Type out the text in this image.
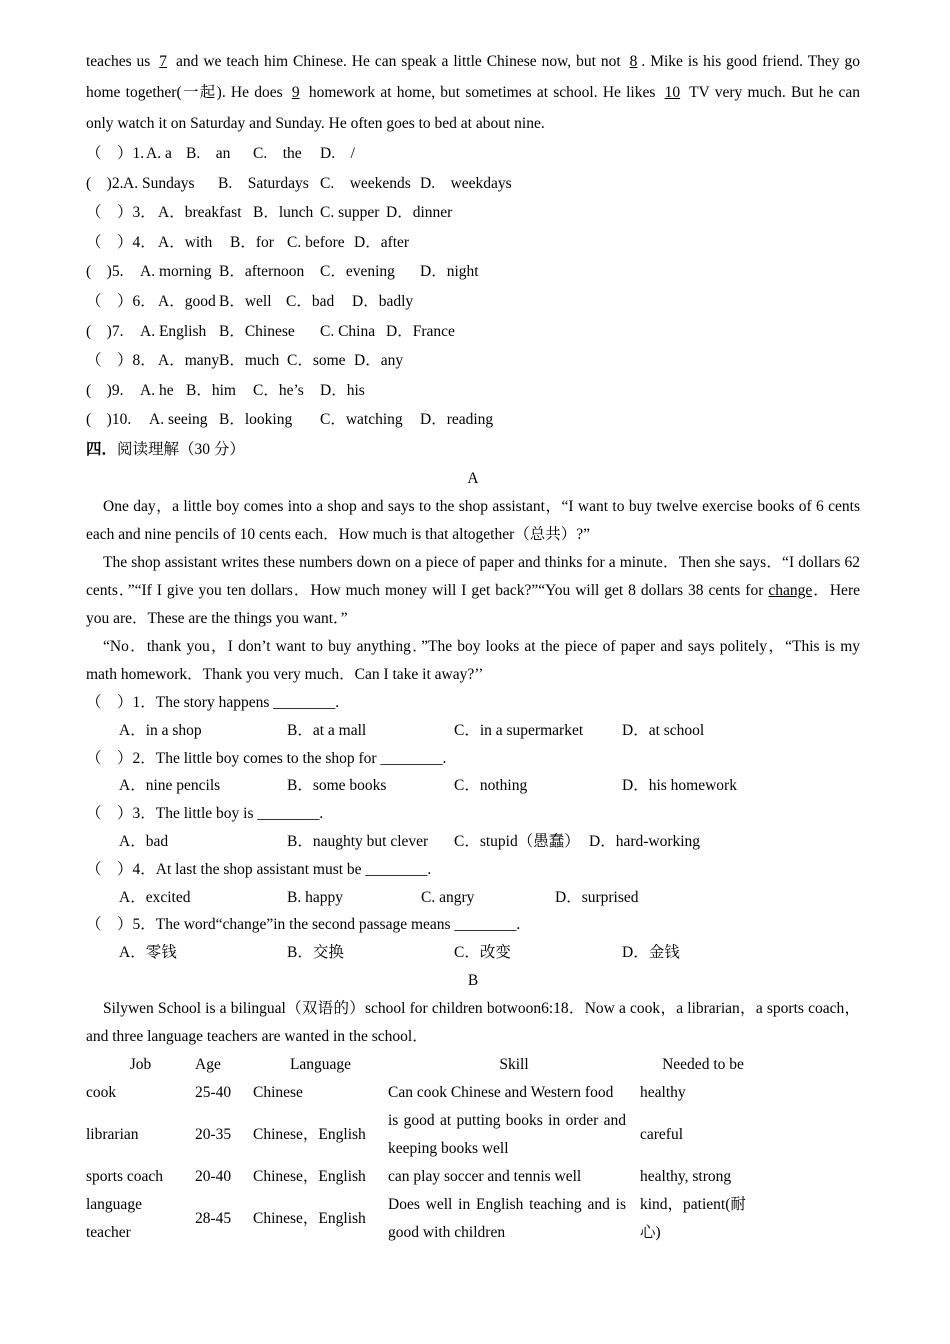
teaches us 7 and we teach him Chinese. He can speak a little Chinese now, but not 8 . Mike is his good friend. They go home together(一起). He does 9 homework at home, but sometimes at school. He likes 10 TV very much. But he can only watch it on Saturday and Sunday. He often goes to bed at about nine.

（　）1. A. a B.　an C.　the D.　/
(　)2. A. Sundays B.　Saturdays C.　weekends D.　weekdays
（　）3． A．breakfast B．lunch C. supper D．dinner
（　）4． A．with B．for C. before D．after
(　)5. A. morning B．afternoon C．evening D．night
（　）6． A．good B．well C．bad D．badly
(　)7. A. English B．Chinese C. China D．France
（　）8． A．many B．much C．some D．any
(　)9. A. he B．him C．he’s D．his
(　)10. A. seeing B．looking C．watching D．reading
四．阅读理解（30 分）
A

One day，a little boy comes into a shop and says to the shop assistant，“I want to buy twelve exercise books of 6 cents each and nine pencils of 10 cents each．How much is that altogether（总共）?”

The shop assistant writes these numbers down on a piece of paper and thinks for a minute．Then she says．“I dollars 62 cents．”“If I give you ten dollars．How much money will I get back?”“You will get 8 dollars 38 cents for change．Here you are．These are the things you want．”

“No．thank you，I don’t want to buy anything．”The boy looks at the piece of paper and says politely，“This is my math homework．Thank you very much．Can I take it away?’’

（　）1．The story happens ________.
A．in a shop	B．at a mall	C．in a supermarket	D．at school
（　）2．The little boy comes to the shop for ________.
A．nine pencils	B．some books	C．nothing	D．his homework
（　）3．The little boy is ________.
A．bad	B．naughty but clever C．stupid（愚蠢） D．hard-working
（　）4．At last the shop assistant must be ________.
A．excited	B. happy	C. angry	D．surprised
（　）5．The word“change”in the second passage means ________.
A．零钱	B．交换	C．改变	D．金钱
B

Silywen School is a bilingual（双语的）school for children botwoon6:18．Now a cook，a librarian，a sports coach，and three language teachers are wanted in the school．

Job	Age	Language	Skill	Needed to be
cook	25-40	Chinese	Can cook Chinese and Western food	healthy
librarian	20-35	Chinese，English	is good at putting books in order and keeping books well	careful
sports coach	20-40	Chinese，English	can play soccer and tennis well	healthy, strong
language teacher	28-45	Chinese，English	Does well in English teaching and is good with children	kind，patient(耐心)
